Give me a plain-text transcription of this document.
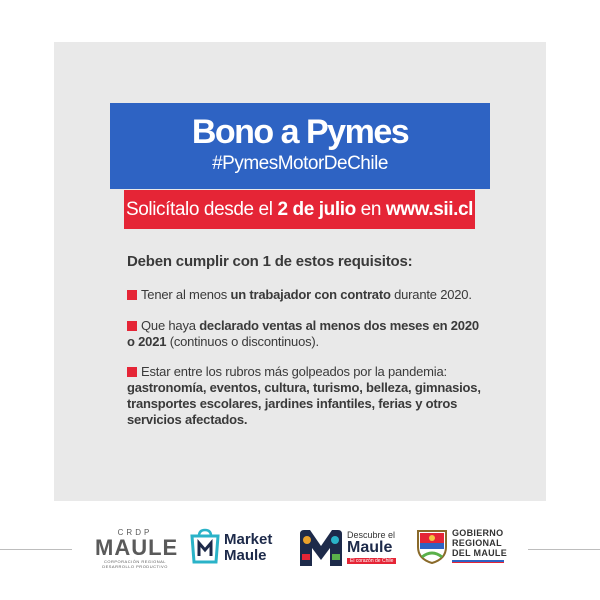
Bono a Pymes
#PymesMotorDeChile
Solicítalo desde el 2 de julio en www.sii.cl
Deben cumplir con 1 de estos requisitos:
Tener al menos un trabajador con contrato durante 2020.
Que haya declarado ventas al menos dos meses en 2020 o 2021 (continuos o discontinuos).
Estar entre los rubros más golpeados por la pandemia: gastronomía, eventos, cultura, turismo, belleza, gimnasios, transportes escolares, jardines infantiles, ferias y otros servicios afectados.
CRDP
MAULE
CORPORACIÓN REGIONAL
DESARROLLO PRODUCTIVO
Market
Maule
Descubre el
Maule
El corazón de Chile
GOBIERNO
REGIONAL
DEL MAULE
